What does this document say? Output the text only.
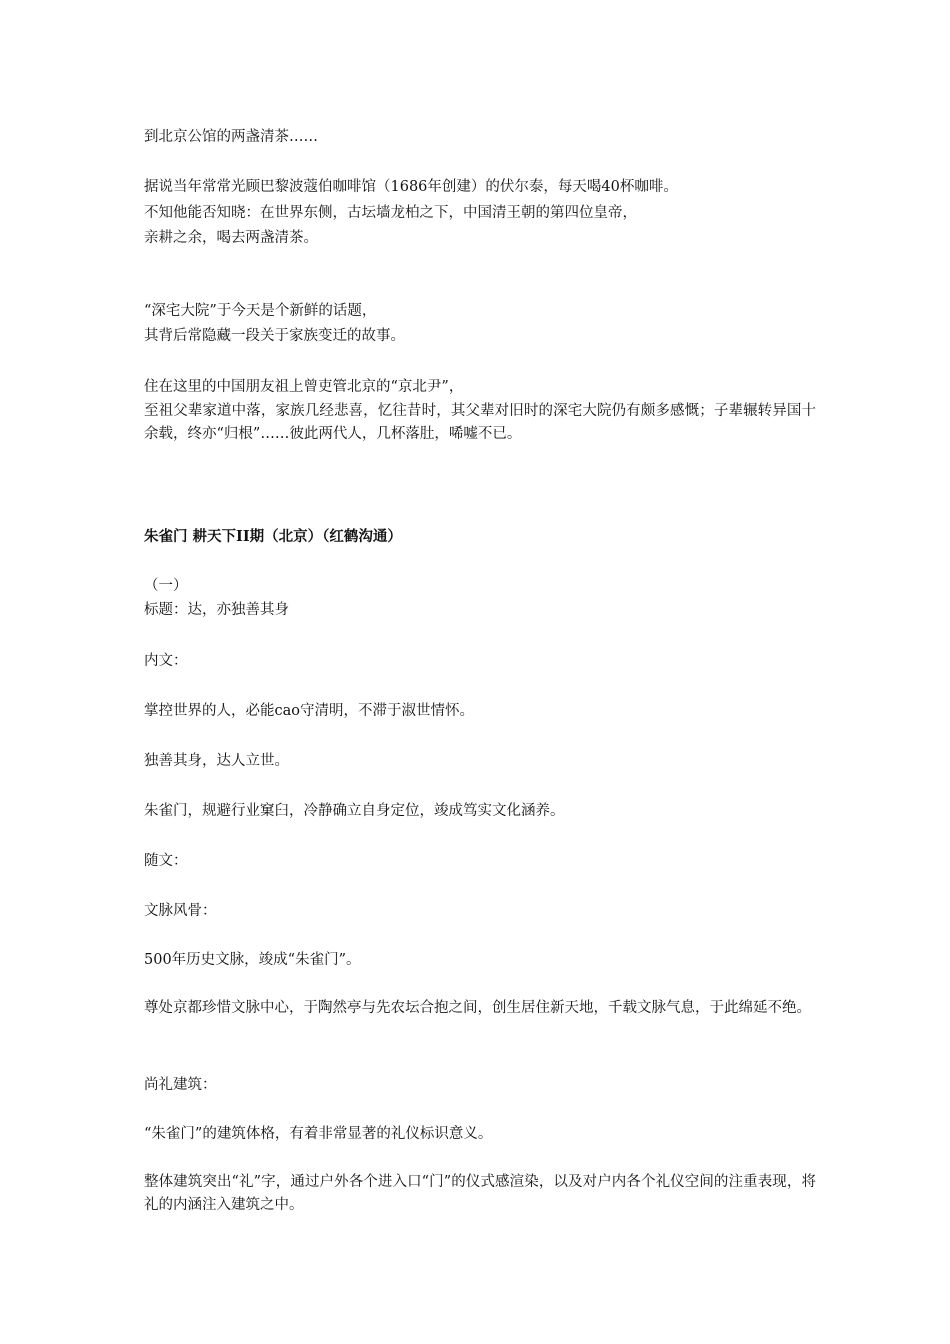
到北京公馆的两盏清茶……

据说当年常常光顾巴黎波蔻伯咖啡馆（1686年创建）的伏尔泰，每天喝40杯咖啡。

不知他能否知晓：在世界东侧，古坛墙龙柏之下，中国清王朝的第四位皇帝，

亲耕之余，喝去两盏清茶。

“深宅大院”于今天是个新鲜的话题，

其背后常隐藏一段关于家族变迁的故事。

住在这里的中国朋友祖上曾吏管北京的“京北尹”，

至祖父辈家道中落，家族几经悲喜，忆往昔时，其父辈对旧时的深宅大院仍有颇多感慨；子辈辗转异国十余载，终亦“归根”……彼此两代人，几杯落肚，唏嘘不已。

朱雀门 耕天下II期（北京）（红鹤沟通）

（一）

标题：达，亦独善其身

内文：

掌控世界的人，必能cao守清明，不滞于淑世情怀。

独善其身，达人立世。

朱雀门，规避行业窠臼，冷静确立自身定位，竣成笃实文化涵养。

随文：

文脉风骨：

500年历史文脉，竣成“朱雀门”。

尊处京都珍惜文脉中心，于陶然亭与先农坛合抱之间，创生居住新天地，千载文脉气息，于此绵延不绝。

尚礼建筑：

“朱雀门”的建筑体格，有着非常显著的礼仪标识意义。

整体建筑突出“礼”字，通过户外各个进入口“门”的仪式感渲染，以及对户内各个礼仪空间的注重表现，将礼的内涵注入建筑之中。
